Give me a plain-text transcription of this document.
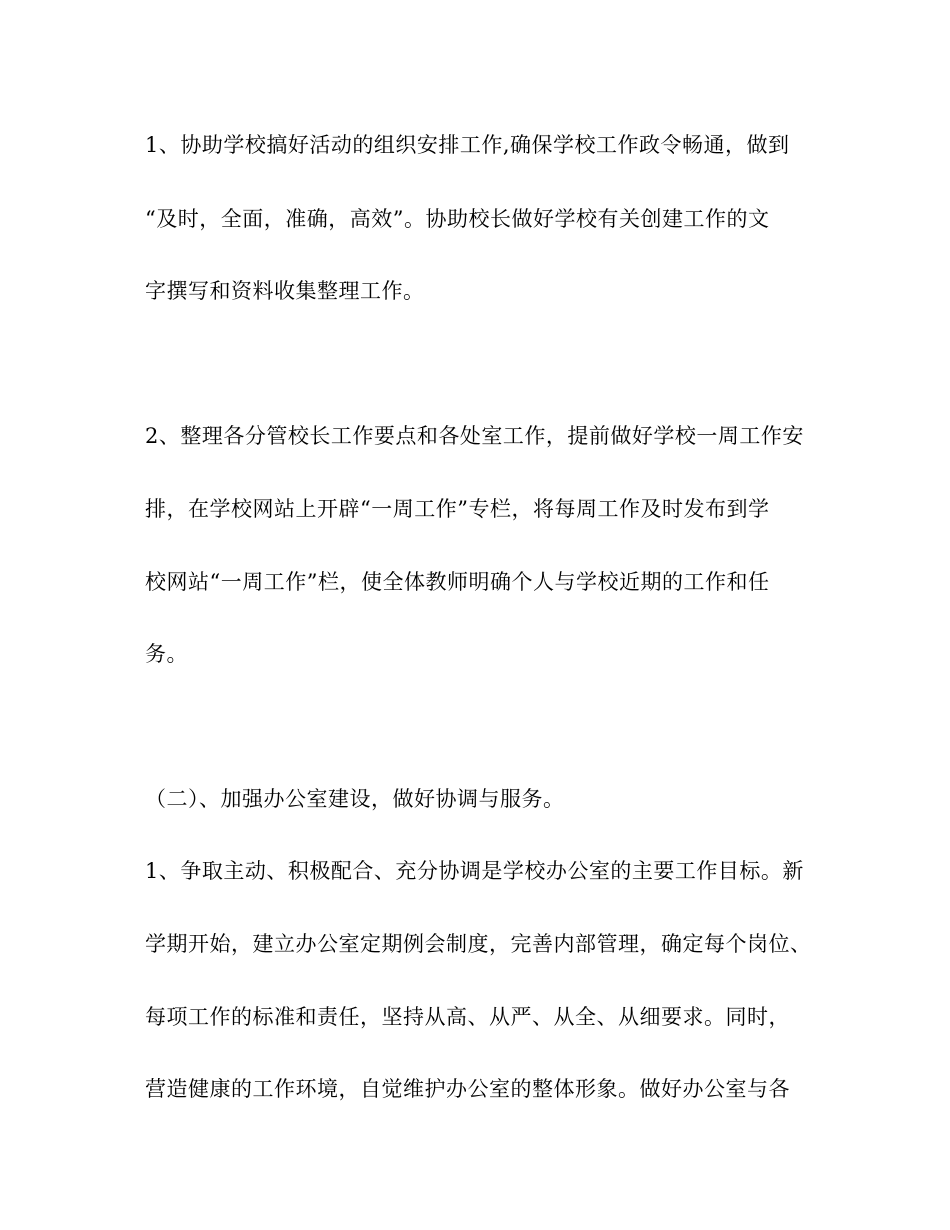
1、协助学校搞好活动的组织安排工作,确保学校工作政令畅通，做到
“及时，全面，准确，高效”。协助校长做好学校有关创建工作的文
字撰写和资料收集整理工作。
2、整理各分管校长工作要点和各处室工作，提前做好学校一周工作安
排，在学校网站上开辟“一周工作”专栏，将每周工作及时发布到学
校网站“一周工作”栏，使全体教师明确个人与学校近期的工作和任
务。
（二）、加强办公室建设，做好协调与服务。
1、争取主动、积极配合、充分协调是学校办公室的主要工作目标。新
学期开始，建立办公室定期例会制度，完善内部管理，确定每个岗位、
每项工作的标准和责任，坚持从高、从严、从全、从细要求。同时，
营造健康的工作环境，自觉维护办公室的整体形象。做好办公室与各
